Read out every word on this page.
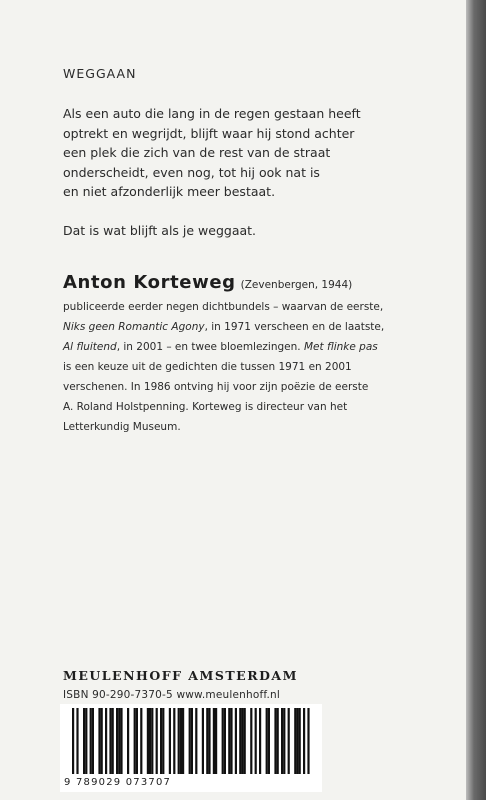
WEGGAAN
Als een auto die lang in de regen gestaan heeft
optrekt en wegrijdt, blijft waar hij stond achter
een plek die zich van de rest van de straat
onderscheidt, even nog, tot hij ook nat is
en niet afzonderlijk meer bestaat.
Dat is wat blijft als je weggaat.
Anton Korteweg (Zevenbergen, 1944)
publiceerde eerder negen dichtbundels – waarvan de eerste,
Niks geen Romantic Agony, in 1971 verscheen en de laatste,
Al fluitend, in 2001 – en twee bloemlezingen. Met flinke pas
is een keuze uit de gedichten die tussen 1971 en 2001
verschenen. In 1986 ontving hij voor zijn poëzie de eerste
A. Roland Holstpenning. Korteweg is directeur van het
Letterkundig Museum.
MEULENHOFF AMSTERDAM
ISBN 90-290-7370-5 www.meulenhoff.nl
9 789029 073707
